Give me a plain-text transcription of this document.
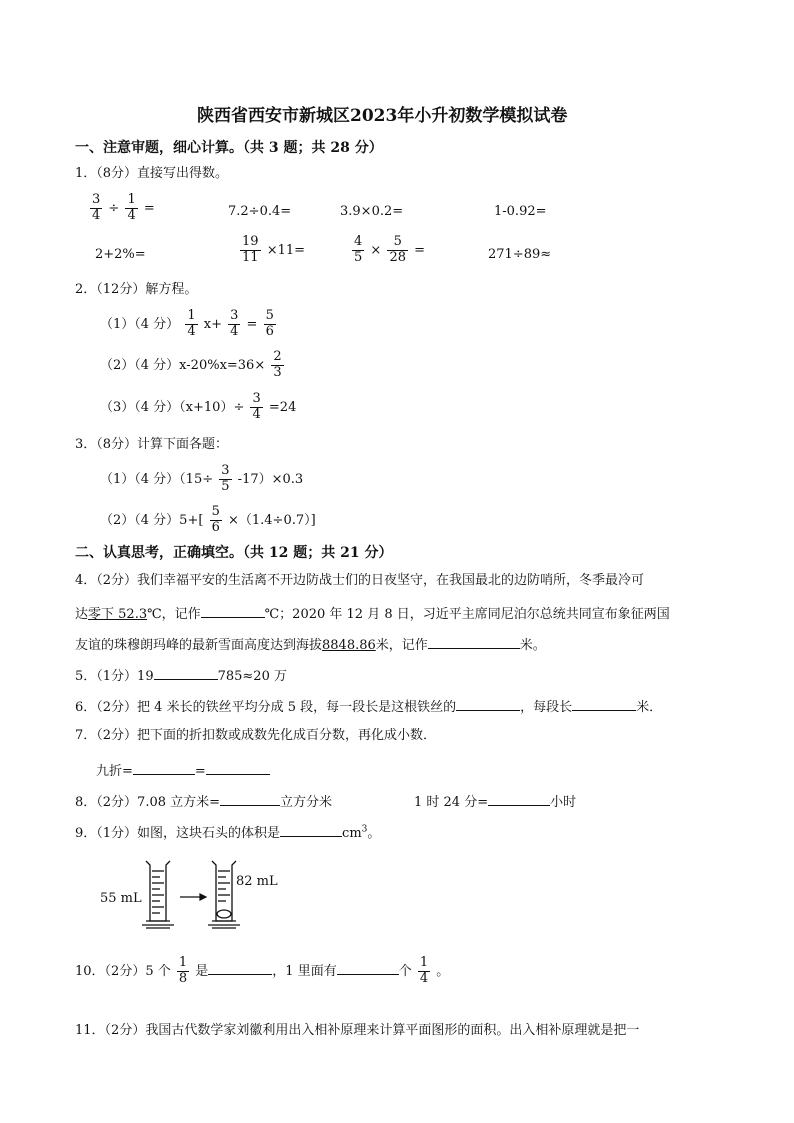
陕西省西安市新城区2023年小升初数学模拟试卷
一、注意审题，细心计算。（共 3 题；共 28 分）
1．（8分）直接写出得数。
$\frac{3}{4} \div \frac{1}{4}$ =	7.2÷0.4=	3.9×0.2=	1-0.92=
2+2%=	$\frac{19}{11} \times 11=$	$\frac{4}{5} \times \frac{5}{28}$ =	271÷89≈
2．（12分）解方程。
（1）（4 分） $\frac{1}{4} x+ \frac{3}{4} = \frac{5}{6}$
（2）（4 分）$x-20\%x=36\times \frac{2}{3}$
（3）（4 分）$(x+10)\div \frac{3}{4} =24$
3．（8分）计算下面各题：
（1）（4 分）$(15\div \frac{3}{5} -17)\times 0.3$
（2）（4 分）$5+[ \frac{5}{6} \times(1.4\div 0.7)]$
二、认真思考，正确填空。（共 12 题；共 21 分）
4．（2分）我们幸福平安的生活离不开边防战士们的日夜坚守，在我国最北的边防哨所，冬季最冷可
达零下 52.3℃，记作	℃；2020 年 12 月 8 日，习近平主席同尼泊尔总统共同宣布象征两国
友谊的珠穆朗玛峰的最新雪面高度达到海拔8848.86米，记作	米。
5．（1分）19	785≈20 万
6．（2分）把 4 米长的铁丝平均分成 5 段，每一段长是这根铁丝的	，每段长	米．
7．（2分）把下面的折扣数或成数先化成百分数，再化成小数．
九折=	=
8．（2分）7.08 立方米=	立方分米	1 时 24 分=	小时
9．（1分）如图，这块石头的体积是	$cm^3$。
55 mL
82 mL
10．（2分）5 个 $\frac{1}{8}$ 是	，1 里面有	个 $\frac{1}{4}$ 。
11．（2分）我国古代数学家刘徽利用出入相补原理来计算平面图形的面积。出入相补原理就是把一
